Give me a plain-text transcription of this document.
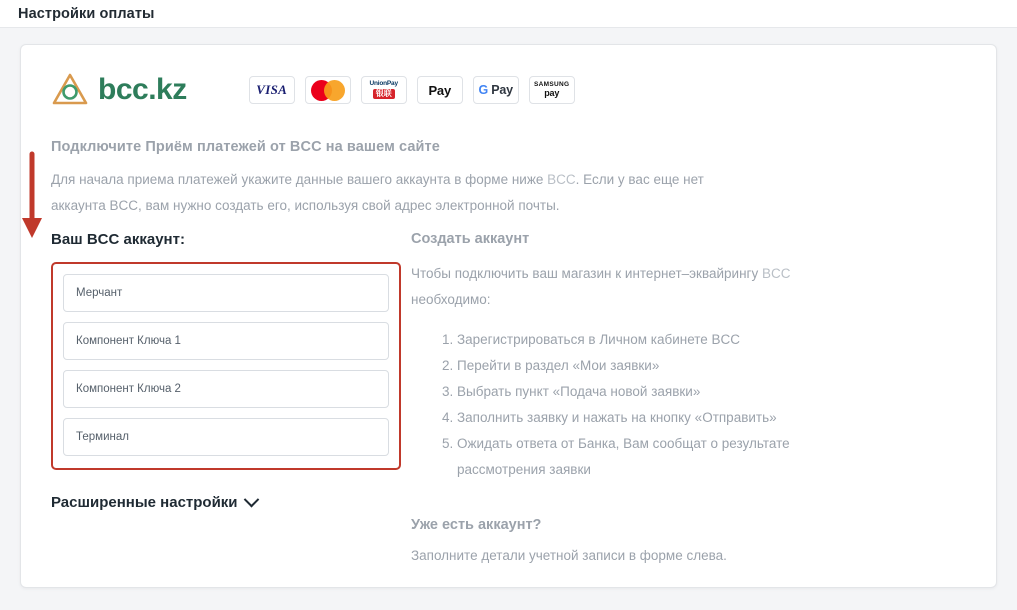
Настройки оплаты
bcc.kz	VISA	UnionPay
银联	Pay G Pay	SAMSUNG
pay
Подключите Приём платежей от BCC на вашем сайте
Для начала приема платежей укажите данные вашего аккаунта в форме ниже BCC. Если у вас еще нет аккаунта BCC, вам нужно создать его, используя свой адрес электронной почты.
Ваш BCC аккаунт:
Мерчант
Компонент Ключа 1
Компонент Ключа 2
Терминал
Расширенные настройки
Создать аккаунт

Чтобы подключить ваш магазин к интернет–эквайрингу BCC необходимо:

1. Зарегистрироваться в Личном кабинете BCC
2. Перейти в раздел «Мои заявки»
3. Выбрать пункт «Подача новой заявки»
4. Заполнить заявку и нажать на кнопку «Отправить»
5. Ожидать ответа от Банка, Вам сообщат о результате рассмотрения заявки
Уже есть аккаунт?
Заполните детали учетной записи в форме слева.
